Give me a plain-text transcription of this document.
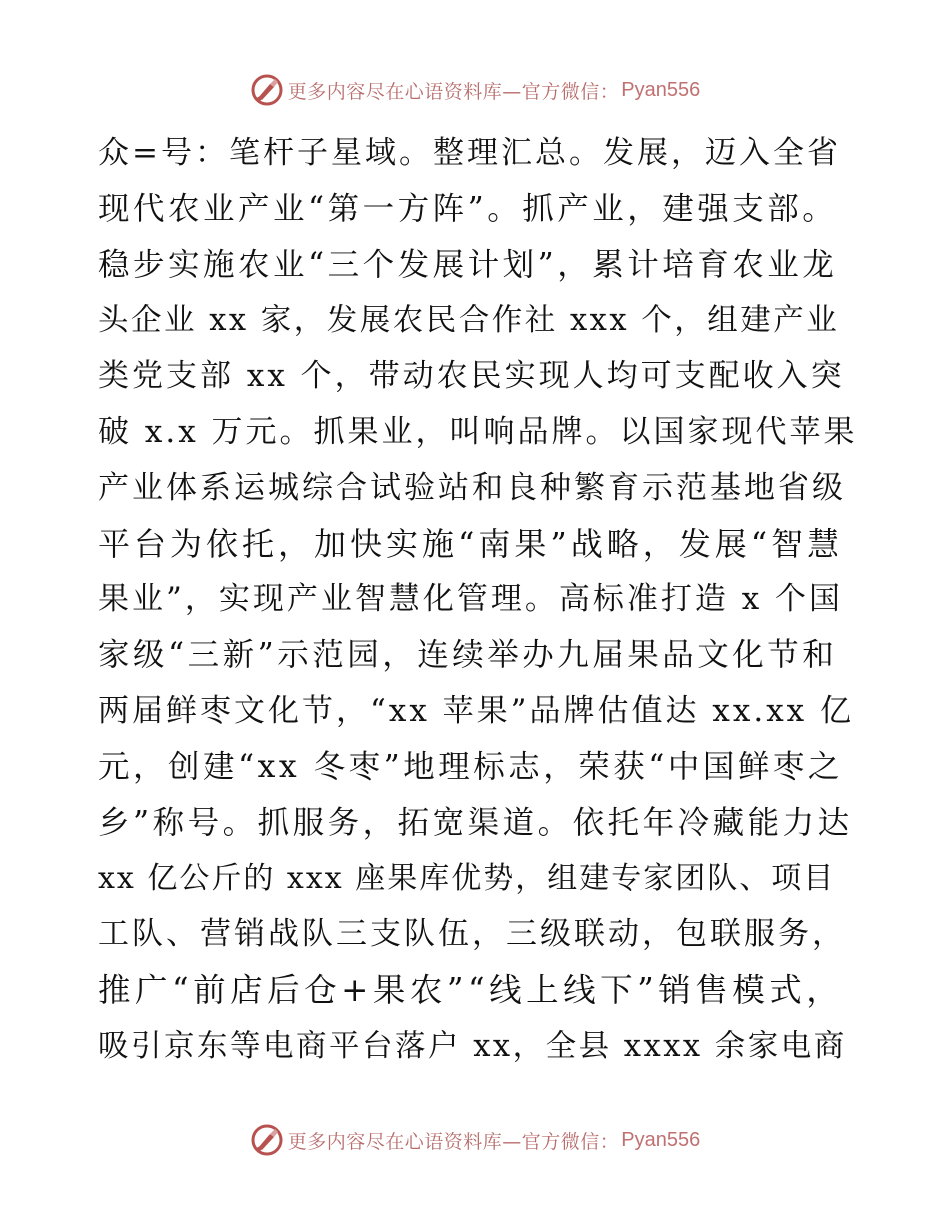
更多内容尽在心语资料库—官方微信： Pyan556
众=号：笔杆子星域。整理汇总。发展，迈入全省
现代农业产业“第一方阵”。抓产业，建强支部。
稳步实施农业“三个发展计划”，累计培育农业龙
头企业 xx 家，发展农民合作社 xxx 个，组建产业
类党支部 xx 个，带动农民实现人均可支配收入突
破 x.x 万元。抓果业，叫响品牌。以国家现代苹果
产业体系运城综合试验站和良种繁育示范基地省级
平台为依托，加快实施“南果”战略，发展“智慧
果业”，实现产业智慧化管理。高标准打造 x 个国
家级“三新”示范园，连续举办九届果品文化节和
两届鲜枣文化节，“xx 苹果”品牌估值达 xx.xx 亿
元，创建“xx 冬枣”地理标志，荣获“中国鲜枣之
乡”称号。抓服务，拓宽渠道。依托年冷藏能力达
xx 亿公斤的 xxx 座果库优势，组建专家团队、项目
工队、营销战队三支队伍，三级联动，包联服务，
推广“前店后仓+果农”“线上线下”销售模式，
吸引京东等电商平台落户 xx，全县 xxxx 余家电商
更多内容尽在心语资料库—官方微信： Pyan556
